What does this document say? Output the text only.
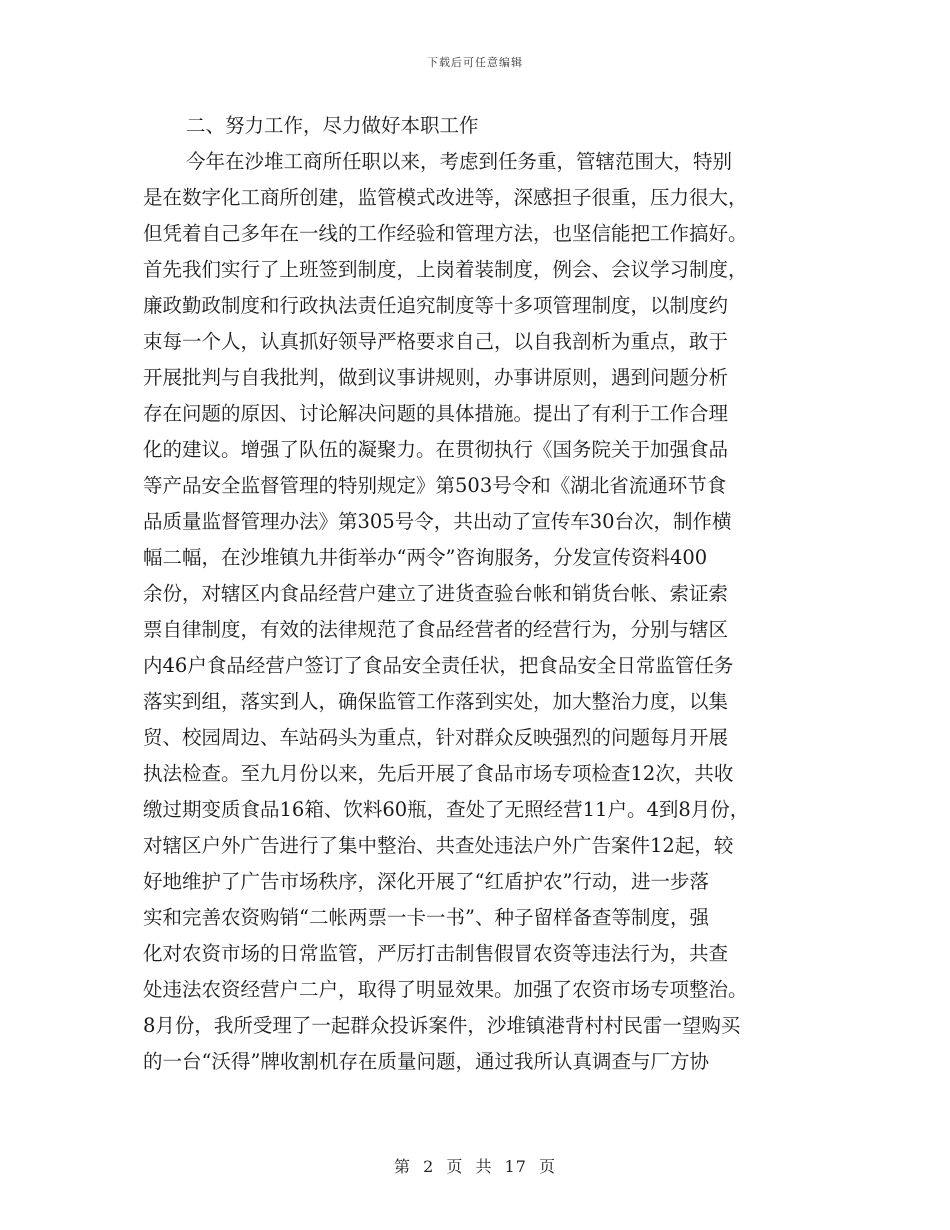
下载后可任意编辑
二、努力工作，尽力做好本职工作
今年在沙堆工商所任职以来，考虑到任务重，管辖范围大，特别
是在数字化工商所创建，监管模式改进等，深感担子很重，压力很大，
但凭着自己多年在一线的工作经验和管理方法，也坚信能把工作搞好。
首先我们实行了上班签到制度，上岗着装制度，例会、会议学习制度，
廉政勤政制度和行政执法责任追究制度等十多项管理制度，以制度约
束每一个人，认真抓好领导严格要求自己，以自我剖析为重点，敢于
开展批判与自我批判，做到议事讲规则，办事讲原则，遇到问题分析
存在问题的原因、讨论解决问题的具体措施。提出了有利于工作合理
化的建议。增强了队伍的凝聚力。在贯彻执行《国务院关于加强食品
等产品安全监督管理的特别规定》第503号令和《湖北省流通环节食
品质量监督管理办法》第305号令，共出动了宣传车30台次，制作横
幅二幅，在沙堆镇九井街举办“两令”咨询服务，分发宣传资料400
余份，对辖区内食品经营户建立了进货查验台帐和销货台帐、索证索
票自律制度，有效的法律规范了食品经营者的经营行为，分别与辖区
内46户食品经营户签订了食品安全责任状，把食品安全日常监管任务
落实到组，落实到人，确保监管工作落到实处，加大整治力度，以集
贸、校园周边、车站码头为重点，针对群众反映强烈的问题每月开展
执法检查。至九月份以来，先后开展了食品市场专项检查12次，共收
缴过期变质食品16箱、饮料60瓶，查处了无照经营11户。4到8月份，
对辖区户外广告进行了集中整治、共查处违法户外广告案件12起，较
好地维护了广告市场秩序，深化开展了“红盾护农”行动，进一步落
实和完善农资购销“二帐两票一卡一书”、种子留样备查等制度，强
化对农资市场的日常监管，严厉打击制售假冒农资等违法行为，共查
处违法农资经营户二户，取得了明显效果。加强了农资市场专项整治。
8月份，我所受理了一起群众投诉案件，沙堆镇港背村村民雷一望购买
的一台“沃得”牌收割机存在质量问题，通过我所认真调查与厂方协
第 2 页 共 17 页
